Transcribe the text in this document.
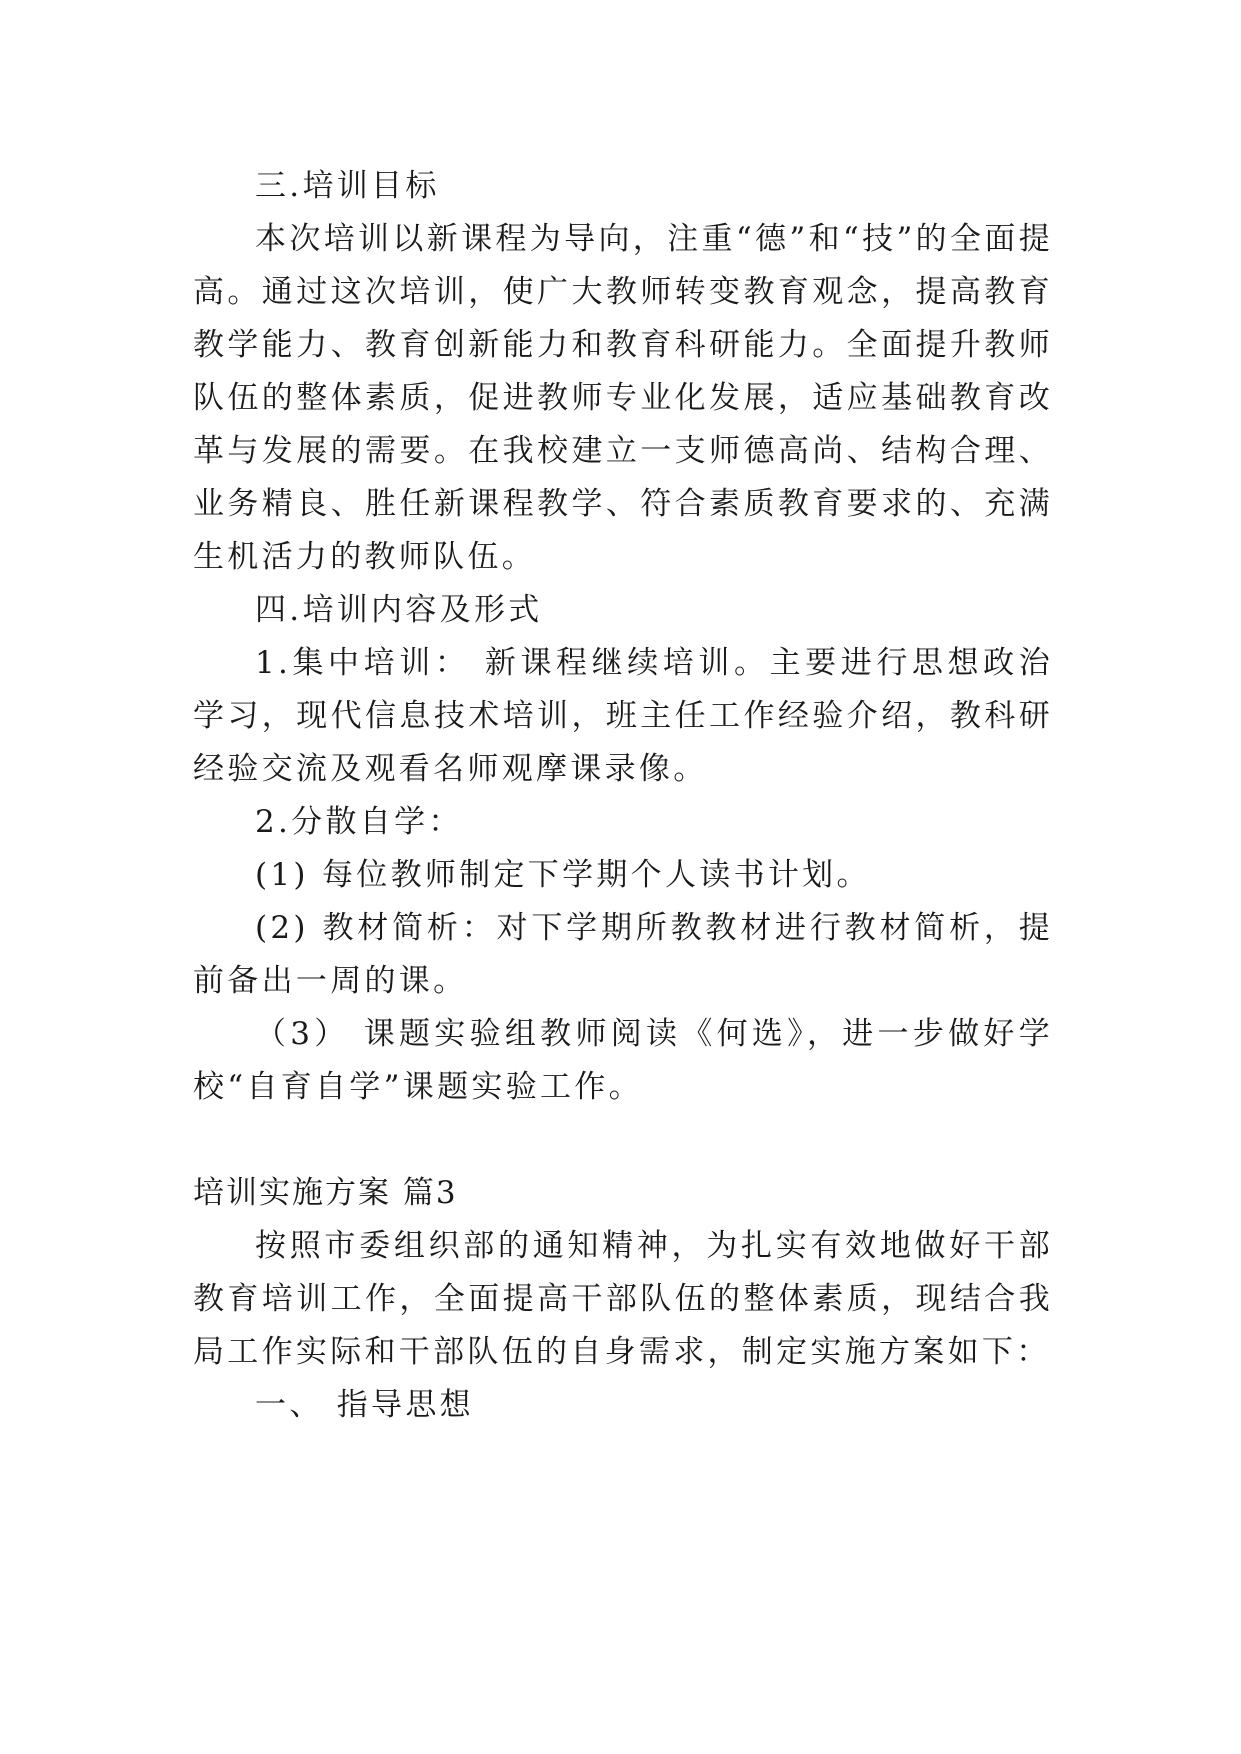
三.培训目标

本次培训以新课程为导向，注重“德”和“技”的全面提高。通过这次培训，使广大教师转变教育观念，提高教育教学能力、教育创新能力和教育科研能力。全面提升教师队伍的整体素质，促进教师专业化发展，适应基础教育改革与发展的需要。在我校建立一支师德高尚、结构合理、业务精良、胜任新课程教学、符合素质教育要求的、充满生机活力的教师队伍。

四.培训内容及形式

1.集中培训： 新课程继续培训。主要进行思想政治学习，现代信息技术培训，班主任工作经验介绍，教科研经验交流及观看名师观摩课录像。

2.分散自学：

(1) 每位教师制定下学期个人读书计划。

(2) 教材简析：对下学期所教教材进行教材简析，提前备出一周的课。

（3） 课题实验组教师阅读《何选》，进一步做好学校“自育自学”课题实验工作。

培训实施方案 篇3

按照市委组织部的通知精神，为扎实有效地做好干部教育培训工作，全面提高干部队伍的整体素质，现结合我局工作实际和干部队伍的自身需求，制定实施方案如下：

一、 指导思想
